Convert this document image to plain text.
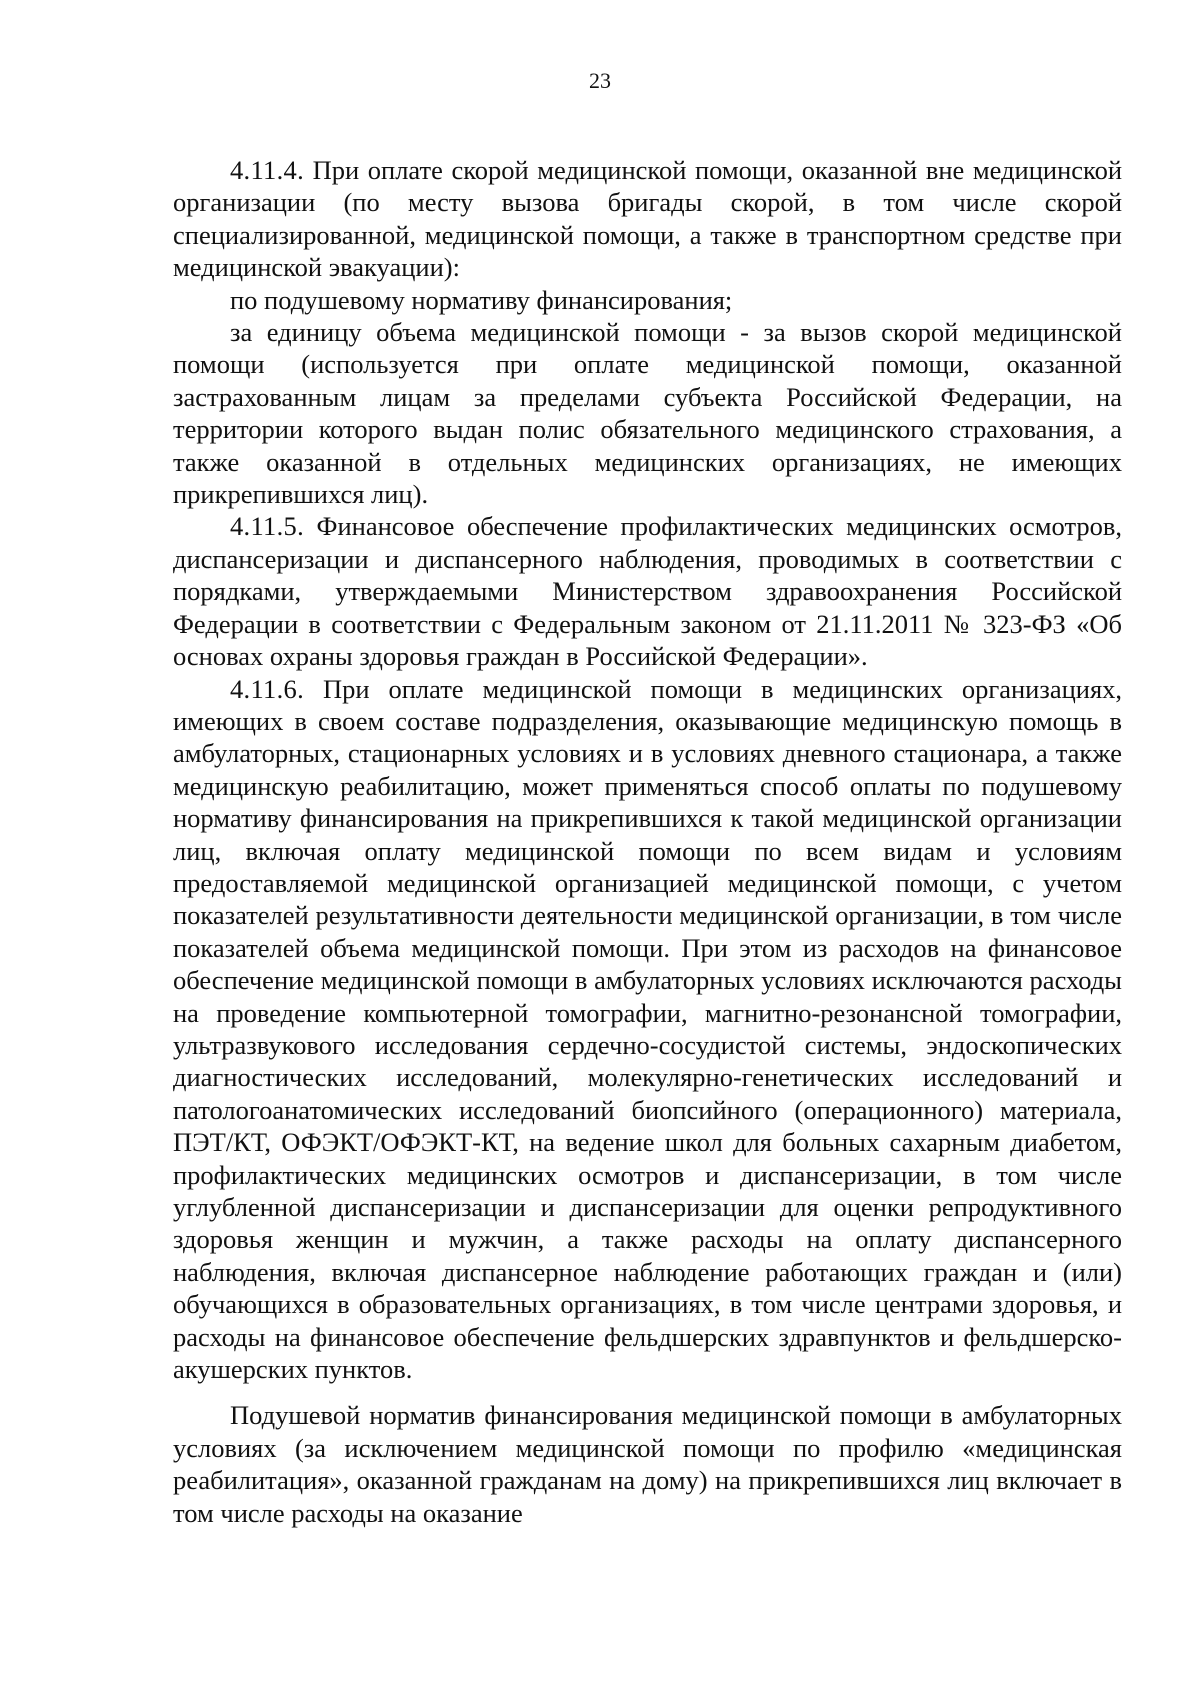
23

4.11.4. При оплате скорой медицинской помощи, оказанной вне медицинской организации (по месту вызова бригады скорой, в том числе скорой специализированной, медицинской помощи, а также в транспортном средстве при медицинской эвакуации):

по подушевому нормативу финансирования;

за единицу объема медицинской помощи - за вызов скорой медицинской помощи (используется при оплате медицинской помощи, оказанной застрахованным лицам за пределами субъекта Российской Федерации, на территории которого выдан полис обязательного медицинского страхования, а также оказанной в отдельных медицинских организациях, не имеющих прикрепившихся лиц).

4.11.5. Финансовое обеспечение профилактических медицинских осмотров, диспансеризации и диспансерного наблюдения, проводимых в соответствии с порядками, утверждаемыми Министерством здравоохранения Российской Федерации в соответствии с Федеральным законом от 21.11.2011 № 323-ФЗ «Об основах охраны здоровья граждан в Российской Федерации».

4.11.6. При оплате медицинской помощи в медицинских организациях, имеющих в своем составе подразделения, оказывающие медицинскую помощь в амбулаторных, стационарных условиях и в условиях дневного стационара, а также медицинскую реабилитацию, может применяться способ оплаты по подушевому нормативу финансирования на прикрепившихся к такой медицинской организации лиц, включая оплату медицинской помощи по всем видам и условиям предоставляемой медицинской организацией медицинской помощи, с учетом показателей результативности деятельности медицинской организации, в том числе показателей объема медицинской помощи. При этом из расходов на финансовое обеспечение медицинской помощи в амбулаторных условиях исключаются расходы на проведение компьютерной томографии, магнитно-резонансной томографии, ультразвукового исследования сердечно-сосудистой системы, эндоскопических диагностических исследований, молекулярно-генетических исследований и патологоанатомических исследований биопсийного (операционного) материала, ПЭТ/КТ, ОФЭКТ/ОФЭКТ-КТ, на ведение школ для больных сахарным диабетом, профилактических медицинских осмотров и диспансеризации, в том числе углубленной диспансеризации и диспансеризации для оценки репродуктивного здоровья женщин и мужчин, а также расходы на оплату диспансерного наблюдения, включая диспансерное наблюдение работающих граждан и (или) обучающихся в образовательных организациях, в том числе центрами здоровья, и расходы на финансовое обеспечение фельдшерских здравпунктов и фельдшерско-акушерских пунктов.

Подушевой норматив финансирования медицинской помощи в амбулаторных условиях (за исключением медицинской помощи по профилю «медицинская реабилитация», оказанной гражданам на дому) на прикрепившихся лиц включает в том числе расходы на оказание
